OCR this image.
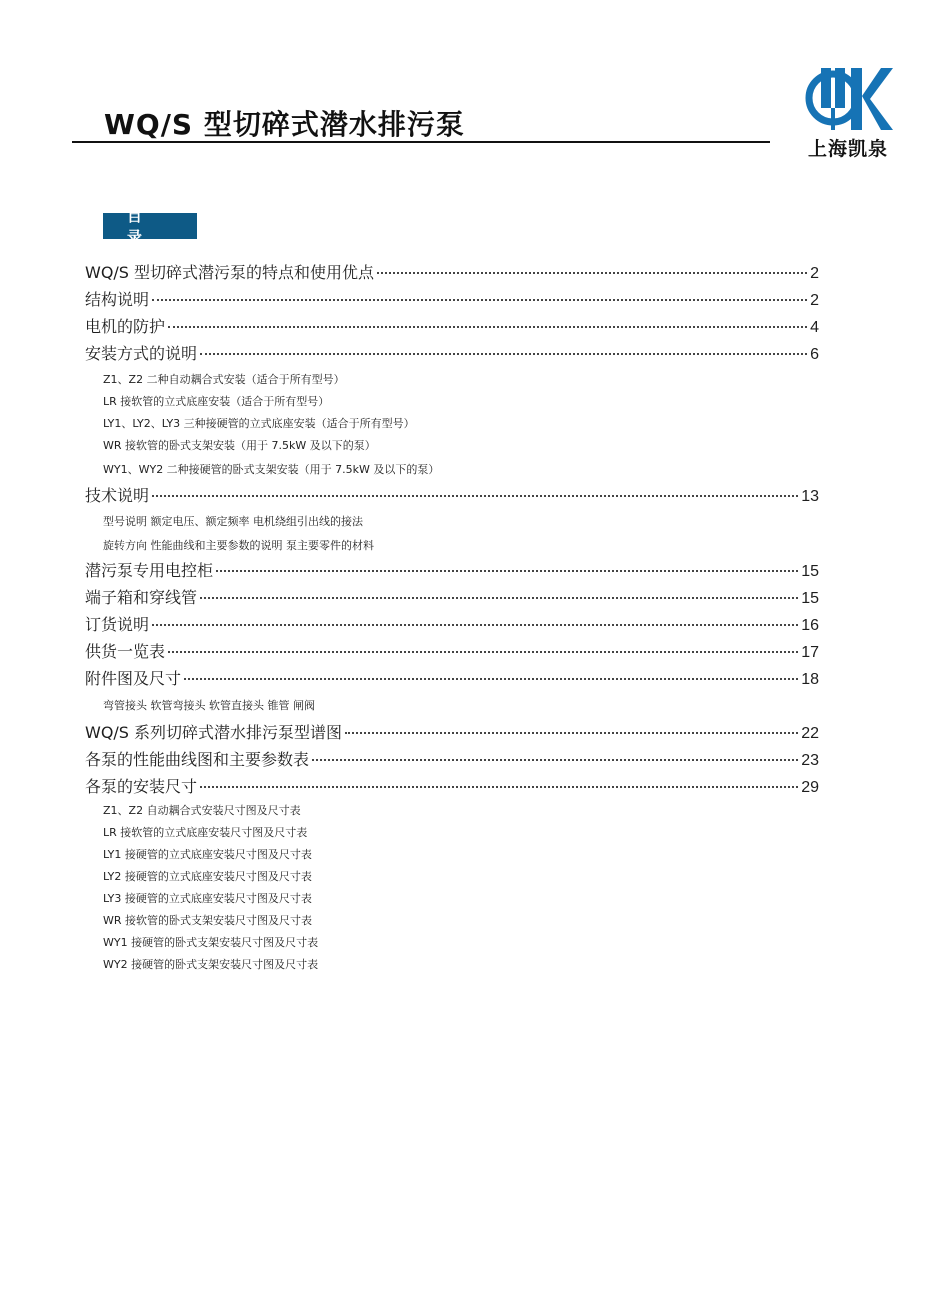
WQ/S 型切碎式潜水排污泵
上海凯泉
目录
WQ/S 型切碎式潜污泵的特点和使用优点	2
结构说明	2
电机的防护	4
安装方式的说明	6
Z1、Z2 二种自动耦合式安装（适合于所有型号）
LR 接软管的立式底座安装（适合于所有型号）
LY1、LY2、LY3 三种接硬管的立式底座安装（适合于所有型号）
WR 接软管的卧式支架安装（用于 7.5kW 及以下的泵）
WY1、WY2 二种接硬管的卧式支架安装（用于 7.5kW 及以下的泵）
技术说明	13
型号说明 额定电压、额定频率 电机绕组引出线的接法
旋转方向 性能曲线和主要参数的说明 泵主要零件的材料
潜污泵专用电控柜	15
端子箱和穿线管	15
订货说明	16
供货一览表	17
附件图及尺寸	18
弯管接头 软管弯接头 软管直接头 锥管 闸阀
WQ/S 系列切碎式潜水排污泵型谱图	22
各泵的性能曲线图和主要参数表	23
各泵的安装尺寸	29
Z1、Z2 自动耦合式安装尺寸图及尺寸表
LR 接软管的立式底座安装尺寸图及尺寸表
LY1 接硬管的立式底座安装尺寸图及尺寸表
LY2 接硬管的立式底座安装尺寸图及尺寸表
LY3 接硬管的立式底座安装尺寸图及尺寸表
WR 接软管的卧式支架安装尺寸图及尺寸表
WY1 接硬管的卧式支架安装尺寸图及尺寸表
WY2 接硬管的卧式支架安装尺寸图及尺寸表
